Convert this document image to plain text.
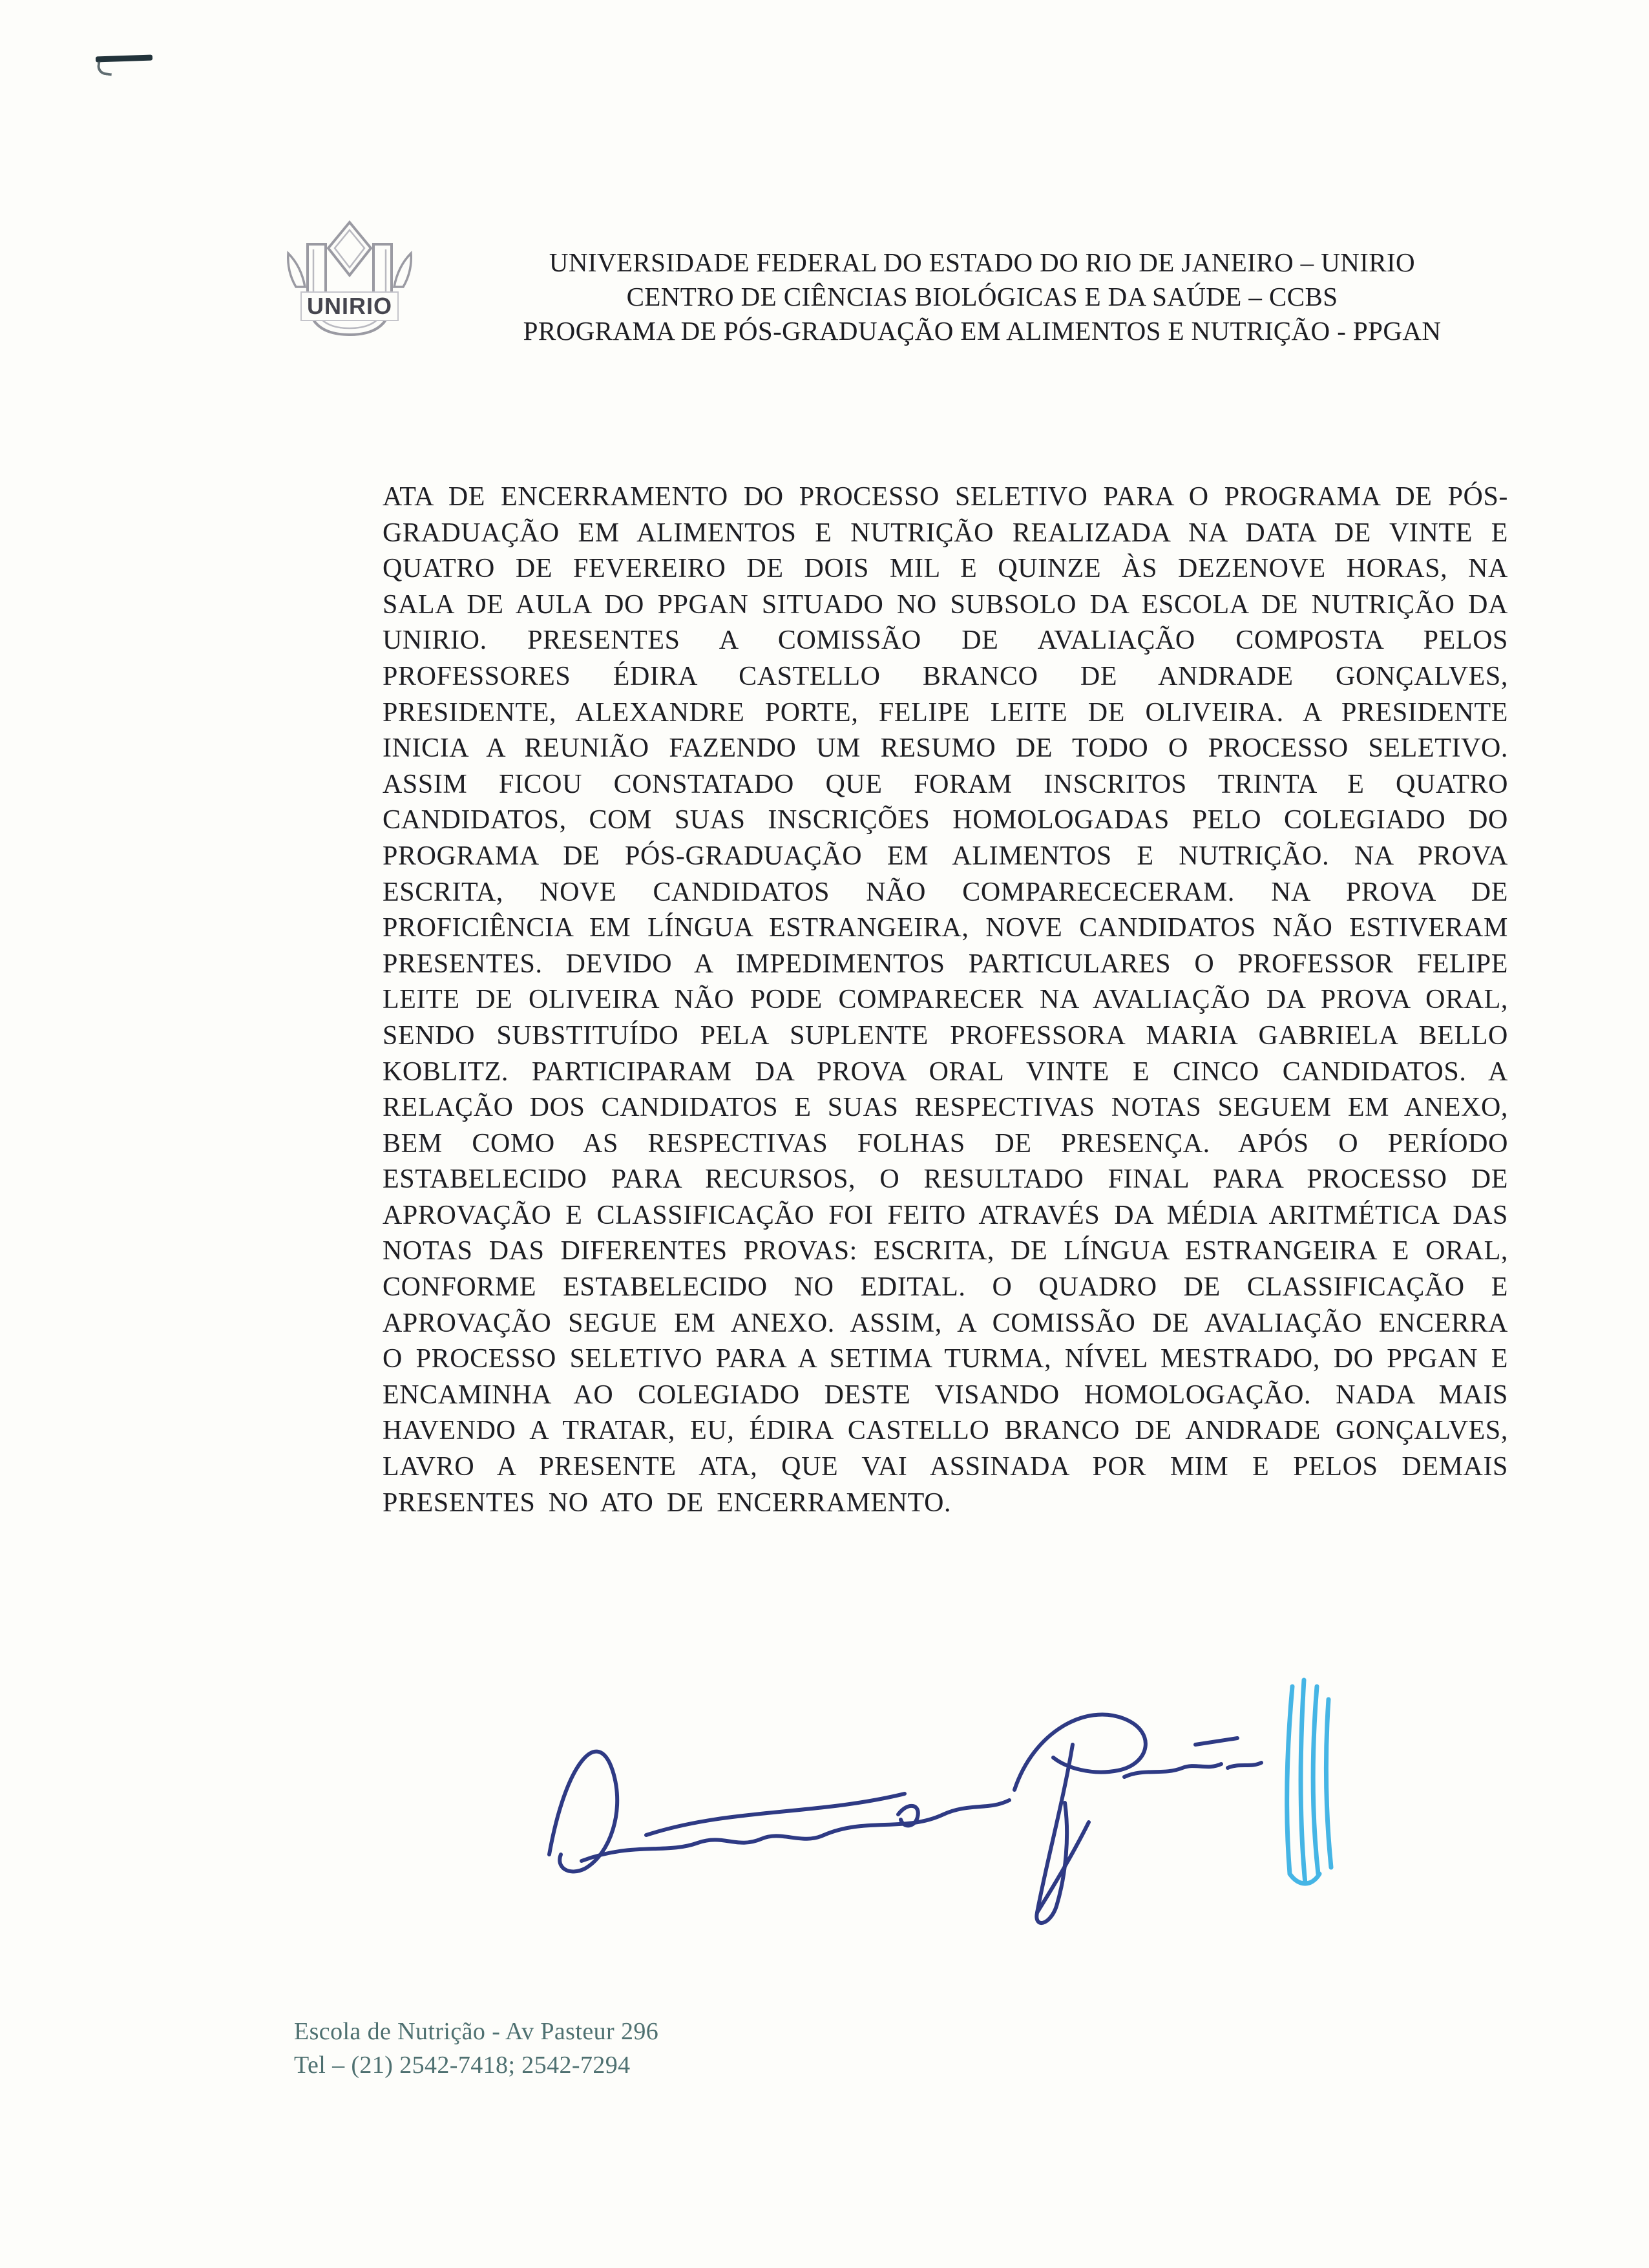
UNIRIO
UNIVERSIDADE FEDERAL DO ESTADO DO RIO DE JANEIRO – UNIRIO
CENTRO DE CIÊNCIAS BIOLÓGICAS E DA SAÚDE – CCBS
PROGRAMA DE PÓS-GRADUAÇÃO EM ALIMENTOS E NUTRIÇÃO - PPGAN
ATA DE ENCERRAMENTO DO PROCESSO SELETIVO PARA O PROGRAMA DE PÓS-GRADUAÇÃO EM ALIMENTOS E NUTRIÇÃO REALIZADA NA DATA DE VINTE E QUATRO DE FEVEREIRO DE DOIS MIL E QUINZE ÀS DEZENOVE HORAS, NA SALA DE AULA DO PPGAN SITUADO NO SUBSOLO DA ESCOLA DE NUTRIÇÃO DA UNIRIO. PRESENTES A COMISSÃO DE AVALIAÇÃO COMPOSTA PELOS PROFESSORES ÉDIRA CASTELLO BRANCO DE ANDRADE GONÇALVES, PRESIDENTE, ALEXANDRE PORTE, FELIPE LEITE DE OLIVEIRA. A PRESIDENTE INICIA A REUNIÃO FAZENDO UM RESUMO DE TODO O PROCESSO SELETIVO. ASSIM FICOU CONSTATADO QUE FORAM INSCRITOS TRINTA E QUATRO CANDIDATOS, COM SUAS INSCRIÇÕES HOMOLOGADAS PELO COLEGIADO DO PROGRAMA DE PÓS-GRADUAÇÃO EM ALIMENTOS E NUTRIÇÃO. NA PROVA ESCRITA, NOVE CANDIDATOS NÃO COMPARECECERAM. NA PROVA DE PROFICIÊNCIA EM LÍNGUA ESTRANGEIRA, NOVE CANDIDATOS NÃO ESTIVERAM PRESENTES. DEVIDO A IMPEDIMENTOS PARTICULARES O PROFESSOR FELIPE LEITE DE OLIVEIRA NÃO PODE COMPARECER NA AVALIAÇÃO DA PROVA ORAL, SENDO SUBSTITUÍDO PELA SUPLENTE PROFESSORA MARIA GABRIELA BELLO KOBLITZ. PARTICIPARAM DA PROVA ORAL VINTE E CINCO CANDIDATOS. A RELAÇÃO DOS CANDIDATOS E SUAS RESPECTIVAS NOTAS SEGUEM EM ANEXO, BEM COMO AS RESPECTIVAS FOLHAS DE PRESENÇA. APÓS O PERÍODO ESTABELECIDO PARA RECURSOS, O RESULTADO FINAL PARA PROCESSO DE APROVAÇÃO E CLASSIFICAÇÃO FOI FEITO ATRAVÉS DA MÉDIA ARITMÉTICA DAS NOTAS DAS DIFERENTES PROVAS: ESCRITA, DE LÍNGUA ESTRANGEIRA E ORAL, CONFORME ESTABELECIDO NO EDITAL. O QUADRO DE CLASSIFICAÇÃO E APROVAÇÃO SEGUE EM ANEXO. ASSIM, A COMISSÃO DE AVALIAÇÃO ENCERRA O PROCESSO SELETIVO PARA A SETIMA TURMA, NÍVEL MESTRADO, DO PPGAN E ENCAMINHA AO COLEGIADO DESTE VISANDO HOMOLOGAÇÃO. NADA MAIS HAVENDO A TRATAR, EU, ÉDIRA CASTELLO BRANCO DE ANDRADE GONÇALVES, LAVRO A PRESENTE ATA, QUE VAI ASSINADA POR MIM E PELOS DEMAIS PRESENTES NO ATO DE ENCERRAMENTO.
Escola de Nutrição - Av Pasteur 296
Tel – (21) 2542-7418; 2542-7294
